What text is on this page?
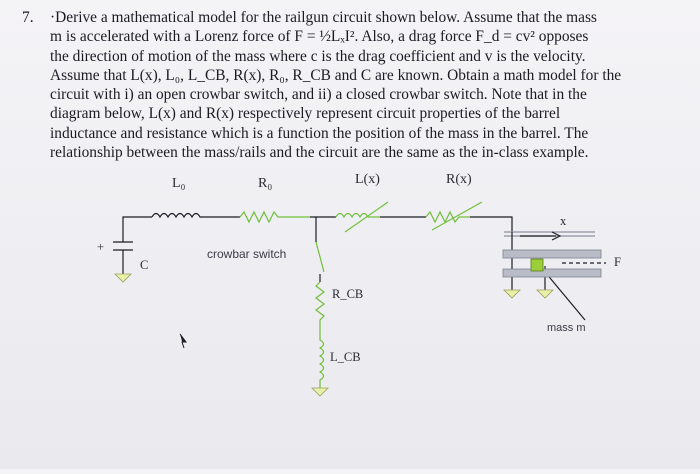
7. ·Derive a mathematical model for the railgun circuit shown below. Assume that the mass
m is accelerated with a Lorenz force of F = ½LₓI². Also, a drag force F_d = cv² opposes
the direction of motion of the mass where c is the drag coefficient and v is the velocity.
Assume that L(x), L₀, L_CB, R(x), R₀, R_CB and C are known. Obtain a math model for the
circuit with i) an open crowbar switch, and ii) a closed crowbar switch. Note that in the
diagram below, L(x) and R(x) respectively represent circuit properties of the barrel
inductance and resistance which is a function the position of the mass in the barrel. The
relationship between the mass/rails and the circuit are the same as the in-class example.
L₀	R₀	L(x)	R(x)
crowbar switch
+
C
R_CB
L_CB
x
F
mass m
